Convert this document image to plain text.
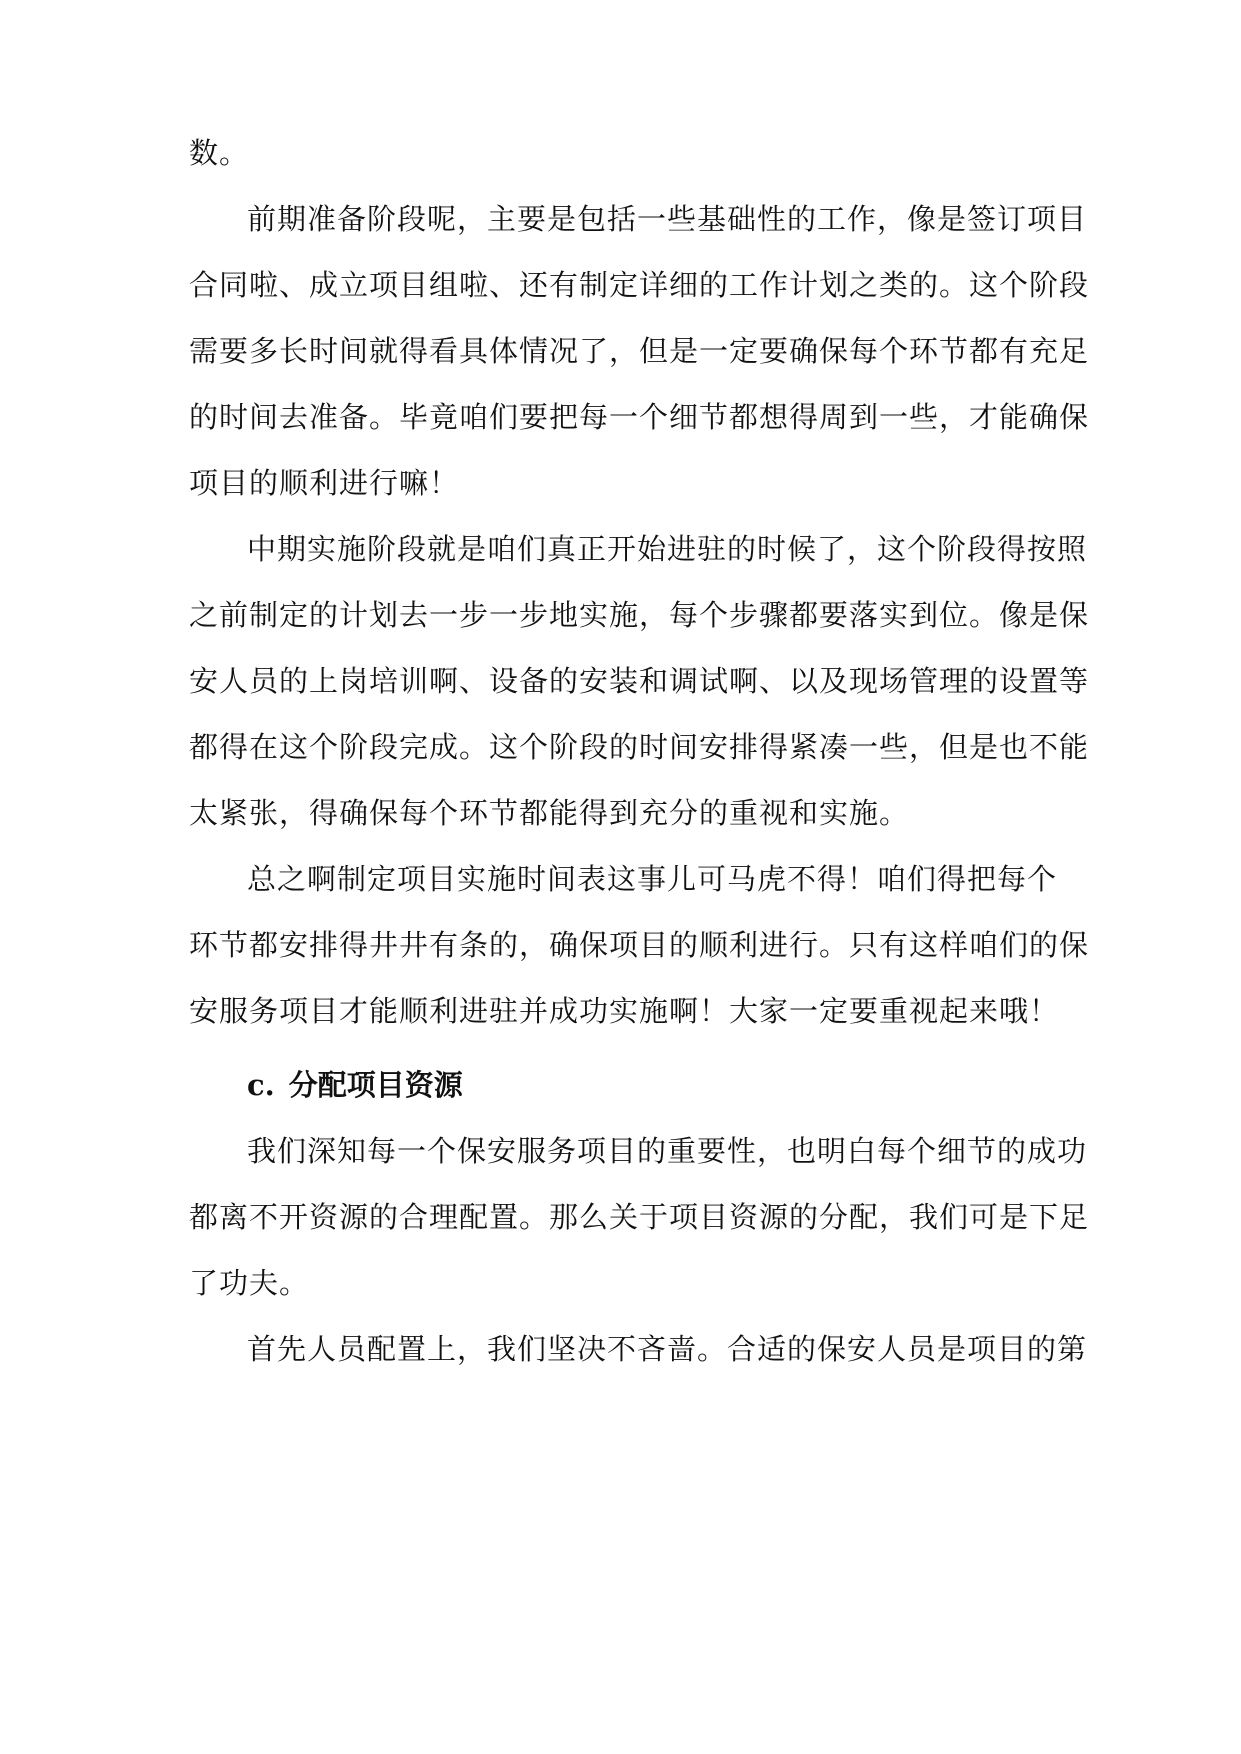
数。
前期准备阶段呢，主要是包括一些基础性的工作，像是签订项目
合同啦、成立项目组啦、还有制定详细的工作计划之类的。这个阶段
需要多长时间就得看具体情况了，但是一定要确保每个环节都有充足
的时间去准备。毕竟咱们要把每一个细节都想得周到一些，才能确保
项目的顺利进行嘛！
中期实施阶段就是咱们真正开始进驻的时候了，这个阶段得按照
之前制定的计划去一步一步地实施，每个步骤都要落实到位。像是保
安人员的上岗培训啊、设备的安装和调试啊、以及现场管理的设置等
都得在这个阶段完成。这个阶段的时间安排得紧凑一些，但是也不能
太紧张，得确保每个环节都能得到充分的重视和实施。
总之啊制定项目实施时间表这事儿可马虎不得！咱们得把每个
环节都安排得井井有条的，确保项目的顺利进行。只有这样咱们的保
安服务项目才能顺利进驻并成功实施啊！大家一定要重视起来哦！
c. 分配项目资源
我们深知每一个保安服务项目的重要性，也明白每个细节的成功
都离不开资源的合理配置。那么关于项目资源的分配，我们可是下足
了功夫。
首先人员配置上，我们坚决不吝啬。合适的保安人员是项目的第
